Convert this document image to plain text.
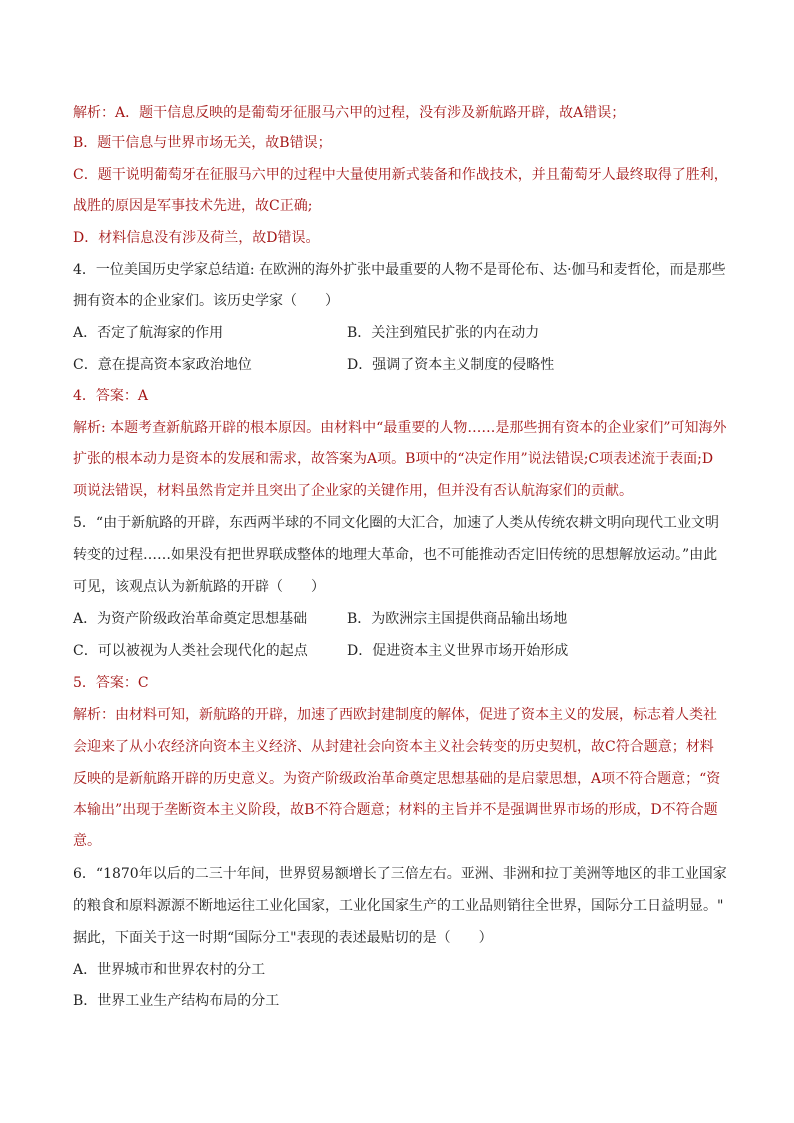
解析：A．题干信息反映的是葡萄牙征服马六甲的过程，没有涉及新航路开辟，故A错误；
B．题干信息与世界市场无关，故B错误；
C．题干说明葡萄牙在征服马六甲的过程中大量使用新式装备和作战技术，并且葡萄牙人最终取得了胜利，
战胜的原因是军事技术先进，故C正确;
D．材料信息没有涉及荷兰，故D错误。
4．一位美国历史学家总结道: 在欧洲的海外扩张中最重要的人物不是哥伦布、达·伽马和麦哲伦，而是那些
拥有资本的企业家们。该历史学家（　　）
A．否定了航海家的作用	B．关注到殖民扩张的内在动力
C．意在提高资本家政治地位	D．强调了资本主义制度的侵略性
4．答案：A
解析: 本题考查新航路开辟的根本原因。由材料中“最重要的人物……是那些拥有资本的企业家们”可知海外
扩张的根本动力是资本的发展和需求，故答案为A项。B项中的“决定作用”说法错误;C项表述流于表面;D
项说法错误，材料虽然肯定并且突出了企业家的关键作用，但并没有否认航海家们的贡献。
5．“由于新航路的开辟，东西两半球的不同文化圈的大汇合，加速了人类从传统农耕文明向现代工业文明
转变的过程……如果没有把世界联成整体的地理大革命，也不可能推动否定旧传统的思想解放运动。”由此
可见，该观点认为新航路的开辟（　　）
A．为资产阶级政治革命奠定思想基础	B．为欧洲宗主国提供商品输出场地
C．可以被视为人类社会现代化的起点	D．促进资本主义世界市场开始形成
5．答案：C
解析：由材料可知，新航路的开辟，加速了西欧封建制度的解体，促进了资本主义的发展，标志着人类社
会迎来了从小农经济向资本主义经济、从封建社会向资本主义社会转变的历史契机，故C符合题意；材料
反映的是新航路开辟的历史意义。为资产阶级政治革命奠定思想基础的是启蒙思想，A项不符合题意；“资
本输出”出现于垄断资本主义阶段，故B不符合题意；材料的主旨并不是强调世界市场的形成，D不符合题
意。
6．“1870年以后的二三十年间，世界贸易额增长了三倍左右。亚洲、非洲和拉丁美洲等地区的非工业国家
的粮食和原料源源不断地运往工业化国家，工业化国家生产的工业品则销往全世界，国际分工日益明显。"
据此，下面关于这一时期“国际分工"表现的表述最贴切的是（　　）
A．世界城市和世界农村的分工
B．世界工业生产结构布局的分工
